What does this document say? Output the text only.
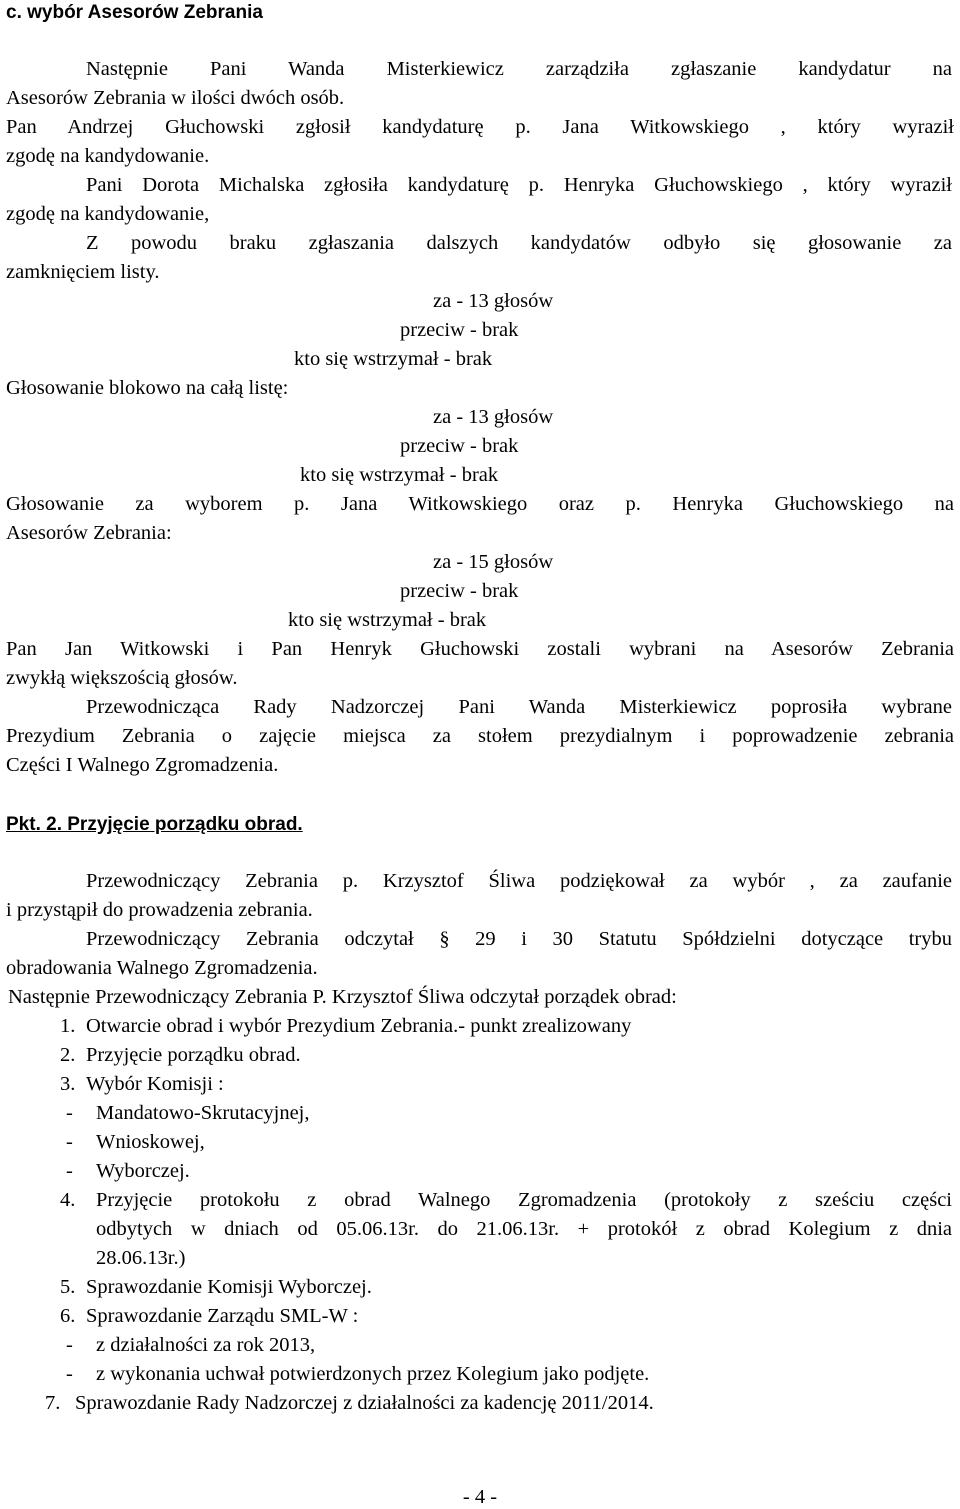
c. wybór Asesorów Zebrania
Następnie Pani Wanda Misterkiewicz zarządziła zgłaszanie kandydatur na
Asesorów Zebrania w ilości dwóch osób.
Pan Andrzej Głuchowski zgłosił kandydaturę p. Jana Witkowskiego , który wyraził
zgodę na kandydowanie.
Pani Dorota Michalska zgłosiła kandydaturę p. Henryka Głuchowskiego , który wyraził
zgodę na kandydowanie,
Z powodu braku zgłaszania dalszych kandydatów odbyło się głosowanie za
zamknięciem listy.
za - 13 głosów
przeciw - brak
kto się wstrzymał - brak
Głosowanie blokowo na całą listę:
za - 13 głosów
przeciw - brak
kto się wstrzymał - brak
Głosowanie za wyborem p. Jana Witkowskiego oraz p. Henryka Głuchowskiego na
Asesorów Zebrania:
za - 15 głosów
przeciw - brak
kto się wstrzymał - brak
Pan Jan Witkowski i Pan Henryk Głuchowski zostali wybrani na Asesorów Zebrania
zwykłą większością głosów.
Przewodnicząca Rady Nadzorczej Pani Wanda Misterkiewicz poprosiła wybrane
Prezydium Zebrania o zajęcie miejsca za stołem prezydialnym i poprowadzenie zebrania
Części I Walnego Zgromadzenia.
Pkt. 2. Przyjęcie porządku obrad.
Przewodniczący Zebrania p. Krzysztof Śliwa podziękował za wybór , za zaufanie
i przystąpił do prowadzenia zebrania.
Przewodniczący Zebrania odczytał § 29 i 30 Statutu Spółdzielni dotyczące trybu
obradowania Walnego Zgromadzenia.
Następnie Przewodniczący Zebrania P. Krzysztof Śliwa odczytał porządek obrad:
1. Otwarcie obrad i wybór Prezydium Zebrania.- punkt zrealizowany
2. Przyjęcie porządku obrad.
3. Wybór Komisji :
- Mandatowo-Skrutacyjnej,
- Wnioskowej,
- Wyborczej.
4.	Przyjęcie protokołu z obrad Walnego Zgromadzenia (protokoły z sześciu części
odbytych w dniach od 05.06.13r. do 21.06.13r. + protokół z obrad Kolegium z dnia
28.06.13r.)
5. Sprawozdanie Komisji Wyborczej.
6. Sprawozdanie Zarządu SML-W :
- z działalności za rok 2013,
- z wykonania uchwał potwierdzonych przez Kolegium jako podjęte.
7. Sprawozdanie Rady Nadzorczej z działalności za kadencję 2011/2014.
- 4 -
